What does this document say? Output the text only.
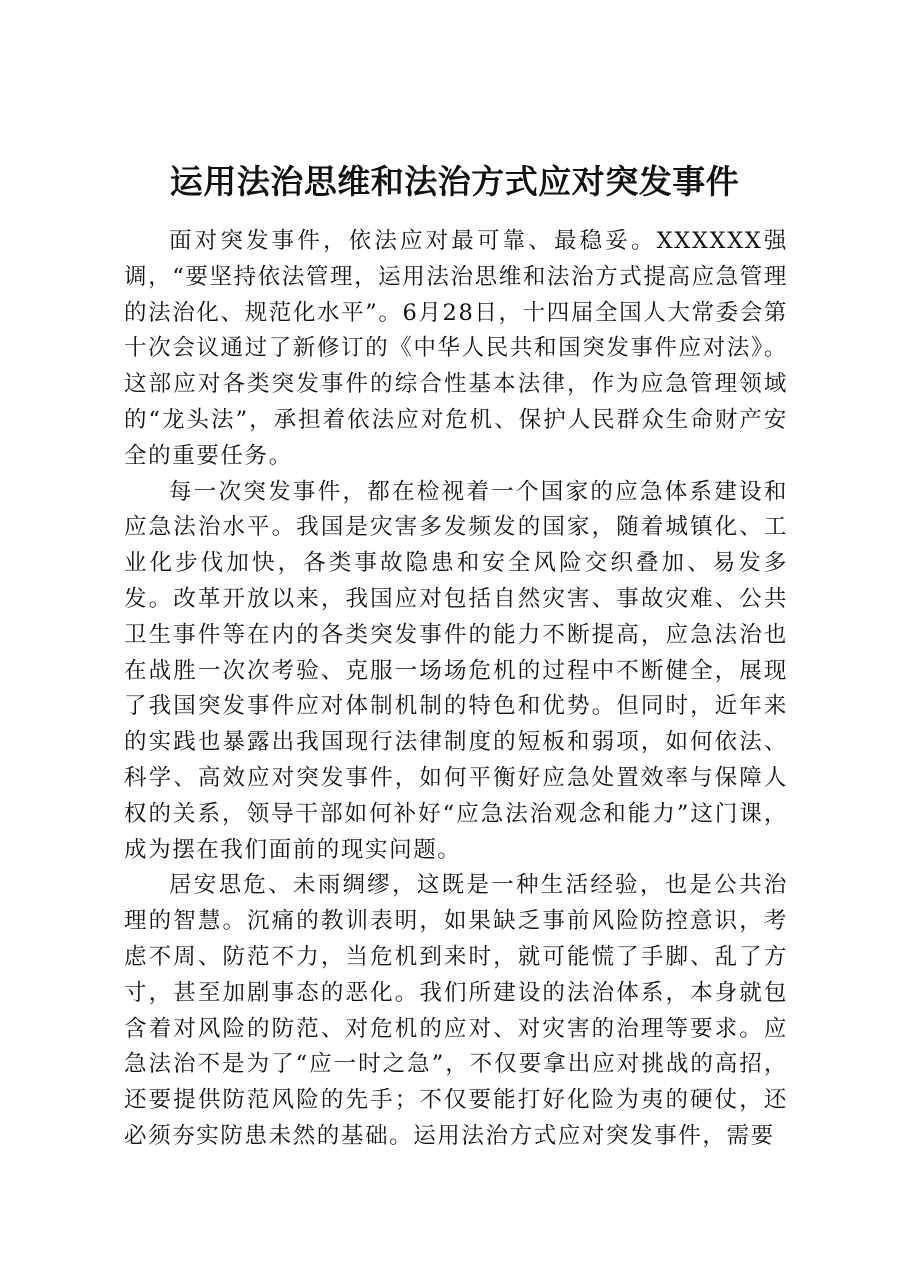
运用法治思维和法治方式应对突发事件

面对突发事件，依法应对最可靠、最稳妥。XXXXXX强调，“要坚持依法管理，运用法治思维和法治方式提高应急管理的法治化、规范化水平”。6月28日，十四届全国人大常委会第十次会议通过了新修订的《中华人民共和国突发事件应对法》。这部应对各类突发事件的综合性基本法律，作为应急管理领域的“龙头法”，承担着依法应对危机、保护人民群众生命财产安全的重要任务。

每一次突发事件，都在检视着一个国家的应急体系建设和应急法治水平。我国是灾害多发频发的国家，随着城镇化、工业化步伐加快，各类事故隐患和安全风险交织叠加、易发多发。改革开放以来，我国应对包括自然灾害、事故灾难、公共卫生事件等在内的各类突发事件的能力不断提高，应急法治也在战胜一次次考验、克服一场场危机的过程中不断健全，展现了我国突发事件应对体制机制的特色和优势。但同时，近年来的实践也暴露出我国现行法律制度的短板和弱项，如何依法、科学、高效应对突发事件，如何平衡好应急处置效率与保障人权的关系，领导干部如何补好“应急法治观念和能力”这门课，成为摆在我们面前的现实问题。

居安思危、未雨绸缪，这既是一种生活经验，也是公共治理的智慧。沉痛的教训表明，如果缺乏事前风险防控意识，考虑不周、防范不力，当危机到来时，就可能慌了手脚、乱了方寸，甚至加剧事态的恶化。我们所建设的法治体系，本身就包含着对风险的防范、对危机的应对、对灾害的治理等要求。应急法治不是为了“应一时之急”，不仅要拿出应对挑战的高招，还要提供防范风险的先手；不仅要能打好化险为夷的硬仗，还必须夯实防患未然的基础。运用法治方式应对突发事件，需要
